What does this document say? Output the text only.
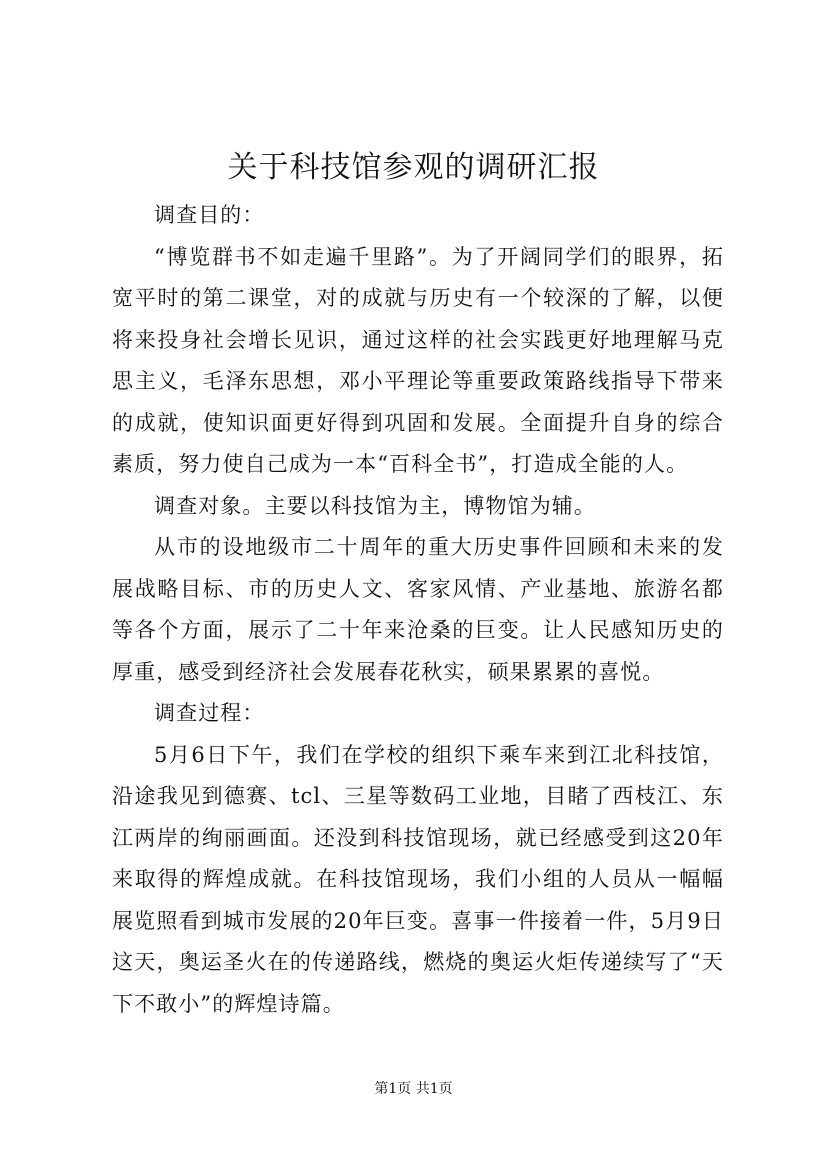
关于科技馆参观的调研汇报

调查目的：

“博览群书不如走遍千里路”。为了开阔同学们的眼界，拓宽平时的第二课堂，对的成就与历史有一个较深的了解，以便将来投身社会增长见识，通过这样的社会实践更好地理解马克思主义，毛泽东思想，邓小平理论等重要政策路线指导下带来的成就，使知识面更好得到巩固和发展。全面提升自身的综合素质，努力使自己成为一本“百科全书”，打造成全能的人。

调查对象。主要以科技馆为主，博物馆为辅。

从市的设地级市二十周年的重大历史事件回顾和未来的发展战略目标、市的历史人文、客家风情、产业基地、旅游名都等各个方面，展示了二十年来沧桑的巨变。让人民感知历史的厚重，感受到经济社会发展春花秋实，硕果累累的喜悦。

调查过程：

5月6日下午，我们在学校的组织下乘车来到江北科技馆，沿途我见到德赛、tcl、三星等数码工业地，目睹了西枝江、东江两岸的绚丽画面。还没到科技馆现场，就已经感受到这20年来取得的辉煌成就。在科技馆现场，我们小组的人员从一幅幅展览照看到城市发展的20年巨变。喜事一件接着一件，5月9日这天，奥运圣火在的传递路线，燃烧的奥运火炬传递续写了“天下不敢小”的辉煌诗篇。

第1页 共1页
